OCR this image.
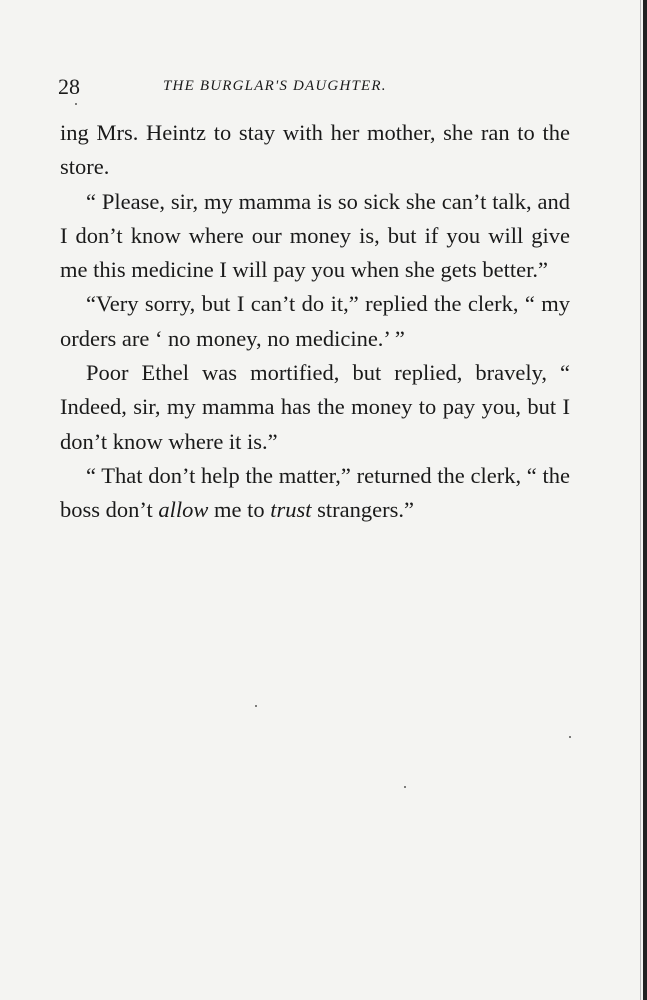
28	THE BURGLAR'S DAUGHTER.

ing Mrs. Heintz to stay with her mother, she ran to the store.

“ Please, sir, my mamma is so sick she can’t talk, and I don’t know where our money is, but if you will give me this medicine I will pay you when she gets better.”

“Very sorry, but I can’t do it,” replied the clerk, “ my orders are ‘ no money, no medicine.’ ”

Poor Ethel was mortified, but replied, bravely, “ Indeed, sir, my mamma has the money to pay you, but I don’t know where it is.”

“ That don’t help the matter,” returned the clerk, “ the boss don’t allow me to trust strangers.”
